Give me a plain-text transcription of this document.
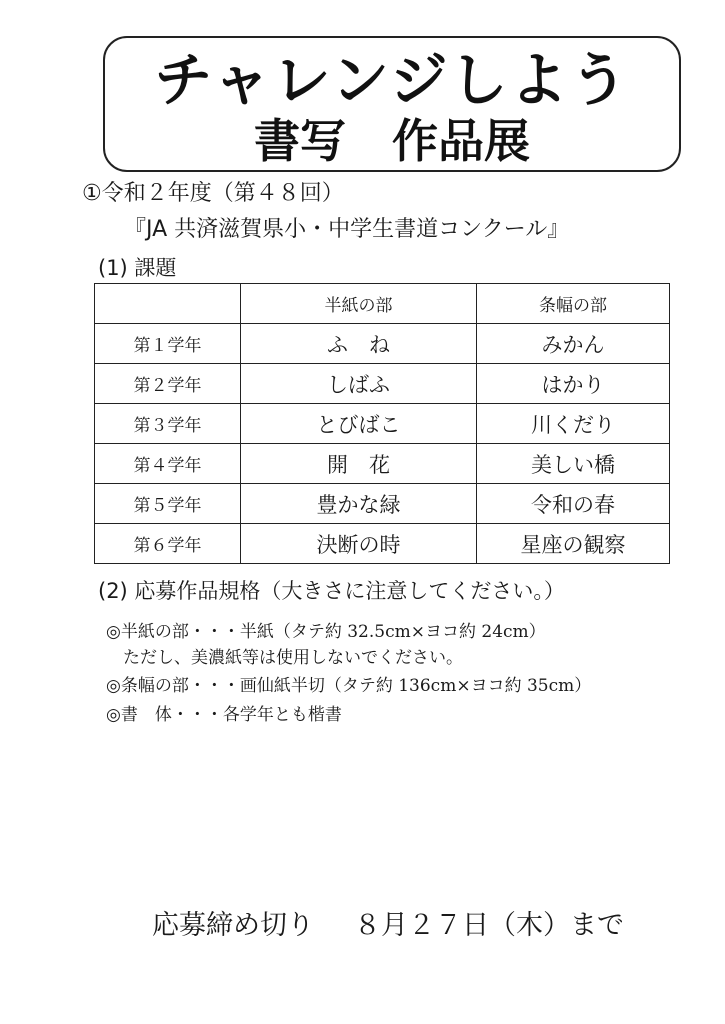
チャレンジしよう
書写　作品展
①令和２年度（第４８回）
『JA 共済滋賀県小・中学生書道コンクール』
(1) 課題
	半紙の部	条幅の部
第１学年	ふ　ね	みかん
第２学年	しばふ	はかり
第３学年	とびばこ	川くだり
第４学年	開　花	美しい橋
第５学年	豊かな緑	令和の春
第６学年	決断の時	星座の観察
(2) 応募作品規格（大きさに注意してください。）
◎半紙の部・・・半紙（タテ約 32.5cm×ヨコ約 24cm）
　ただし、美濃紙等は使用しないでください。
◎条幅の部・・・画仙紙半切（タテ約 136cm×ヨコ約 35cm）
◎書　体・・・各学年とも楷書
応募締め切り ８月２７日（木）まで
